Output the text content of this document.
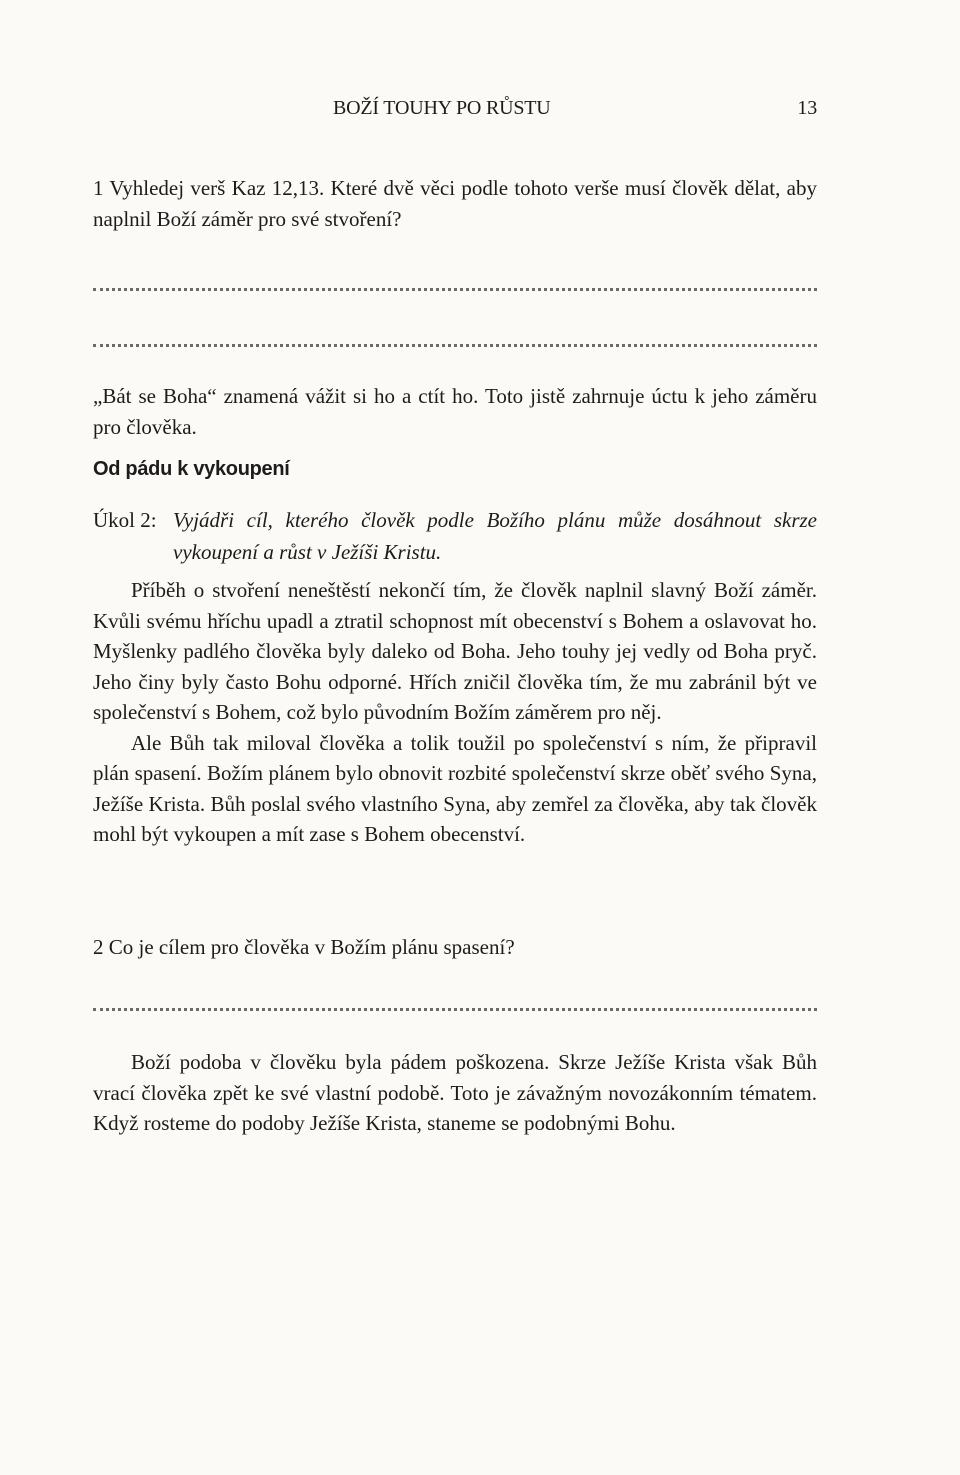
BOŽÍ TOUHY PO RŮSTU	13
1 Vyhledej verš Kaz 12,13. Které dvě věci podle tohoto verše musí člověk dělat, aby naplnil Boží záměr pro své stvoření?
„Bát se Boha“ znamená vážit si ho a ctít ho. Toto jistě zahrnuje úctu k jeho záměru pro člověka.
Od pádu k vykoupení
Úkol 2: Vyjádři cíl, kterého člověk podle Božího plánu může dosáhnout skrze vykoupení a růst v Ježíši Kristu.

Příběh o stvoření neneštěstí nekončí tím, že člověk naplnil slavný Boží záměr. Kvůli svému hříchu upadl a ztratil schopnost mít obecenství s Bohem a oslavovat ho. Myšlenky padlého člověka byly daleko od Boha. Jeho touhy jej vedly od Boha pryč. Jeho činy byly často Bohu odporné. Hřích zničil člověka tím, že mu zabránil být ve společenství s Bohem, což bylo původním Božím záměrem pro něj.

Ale Bůh tak miloval člověka a tolik toužil po společenství s ním, že připravil plán spasení. Božím plánem bylo obnovit rozbité společenství skrze oběť svého Syna, Ježíše Krista. Bůh poslal svého vlastního Syna, aby zemřel za člověka, aby tak člověk mohl být vykoupen a mít zase s Bohem obecenství.

2 Co je cílem pro člověka v Božím plánu spasení?
Boží podoba v člověku byla pádem poškozena. Skrze Ježíše Krista však Bůh vrací člověka zpět ke své vlastní podobě. Toto je závažným novozákonním tématem. Když rosteme do podoby Ježíše Krista, staneme se podobnými Bohu.
